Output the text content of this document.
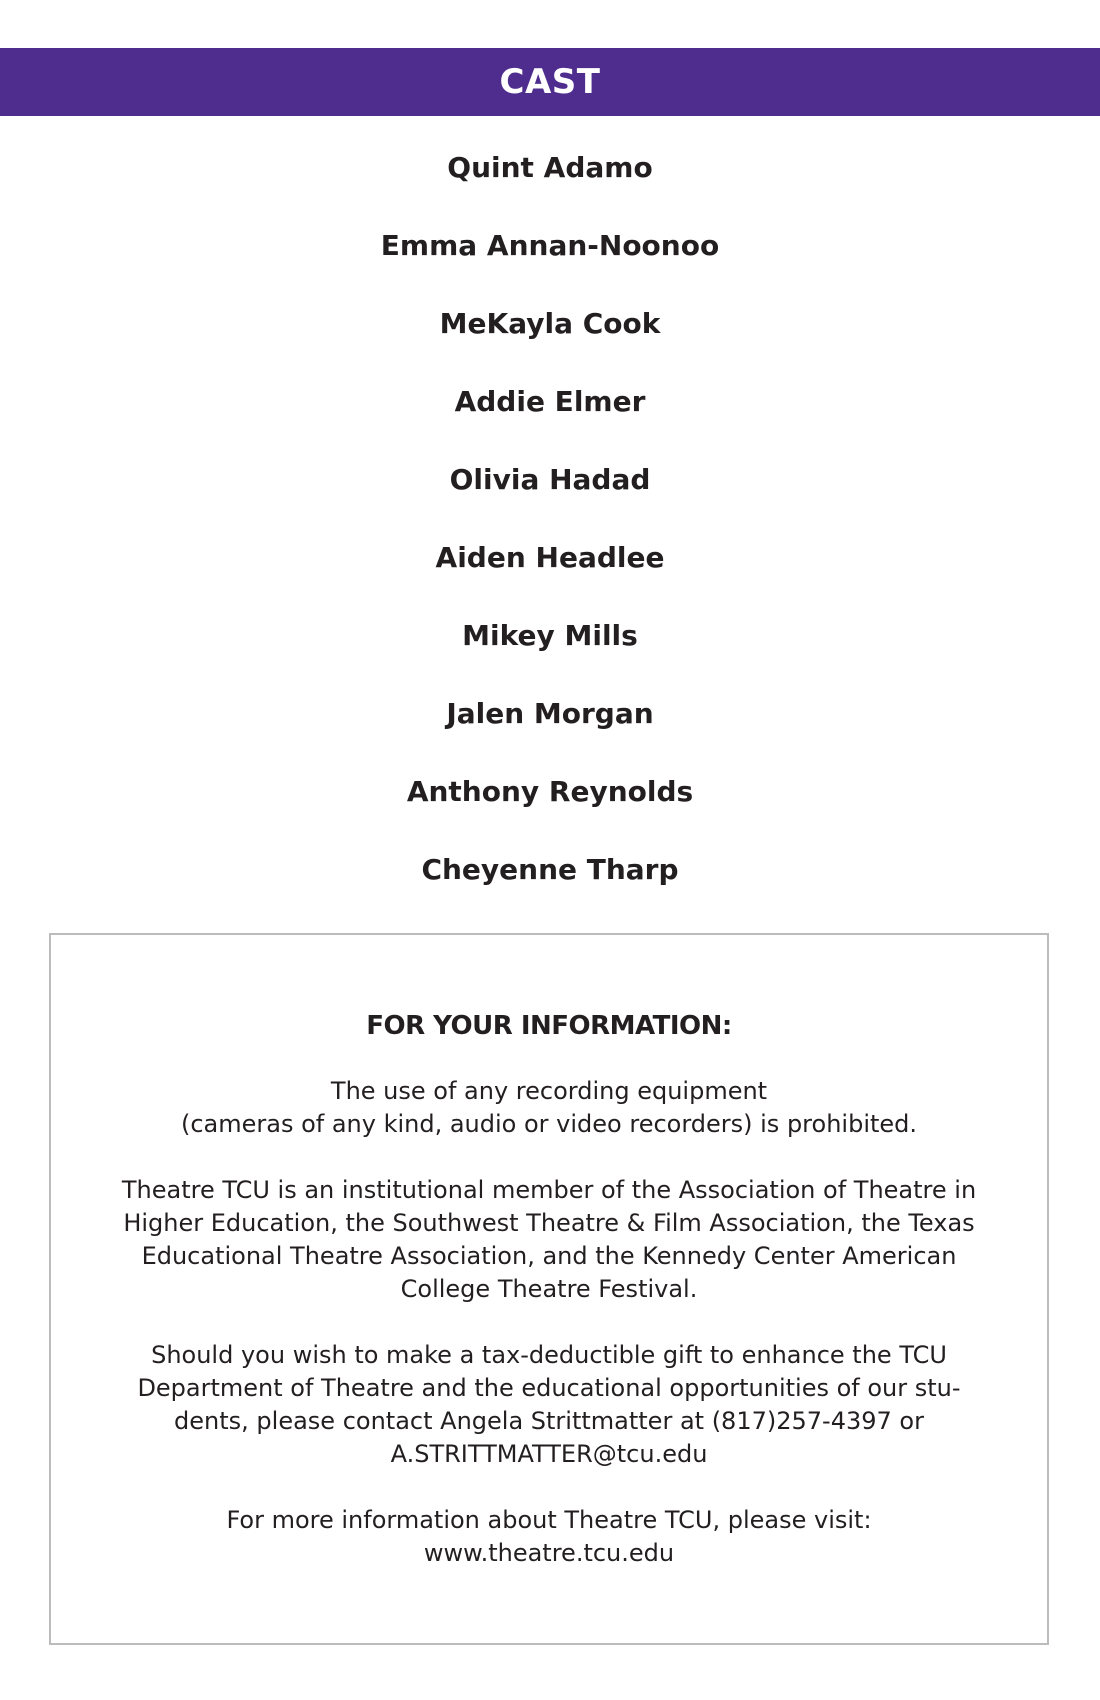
CAST
Quint Adamo
Emma Annan-Noonoo
MeKayla Cook
Addie Elmer
Olivia Hadad
Aiden Headlee
Mikey Mills
Jalen Morgan
Anthony Reynolds
Cheyenne Tharp
FOR YOUR INFORMATION:

The use of any recording equipment
(cameras of any kind, audio or video recorders) is prohibited.

Theatre TCU is an institutional member of the Association of Theatre in
Higher Education, the Southwest Theatre & Film Association, the Texas
Educational Theatre Association, and the Kennedy Center American
College Theatre Festival.

Should you wish to make a tax-deductible gift to enhance the TCU
Department of Theatre and the educational opportunities of our stu-
dents, please contact Angela Strittmatter at (817)257-4397 or
A.STRITTMATTER@tcu.edu

For more information about Theatre TCU, please visit:
www.theatre.tcu.edu
